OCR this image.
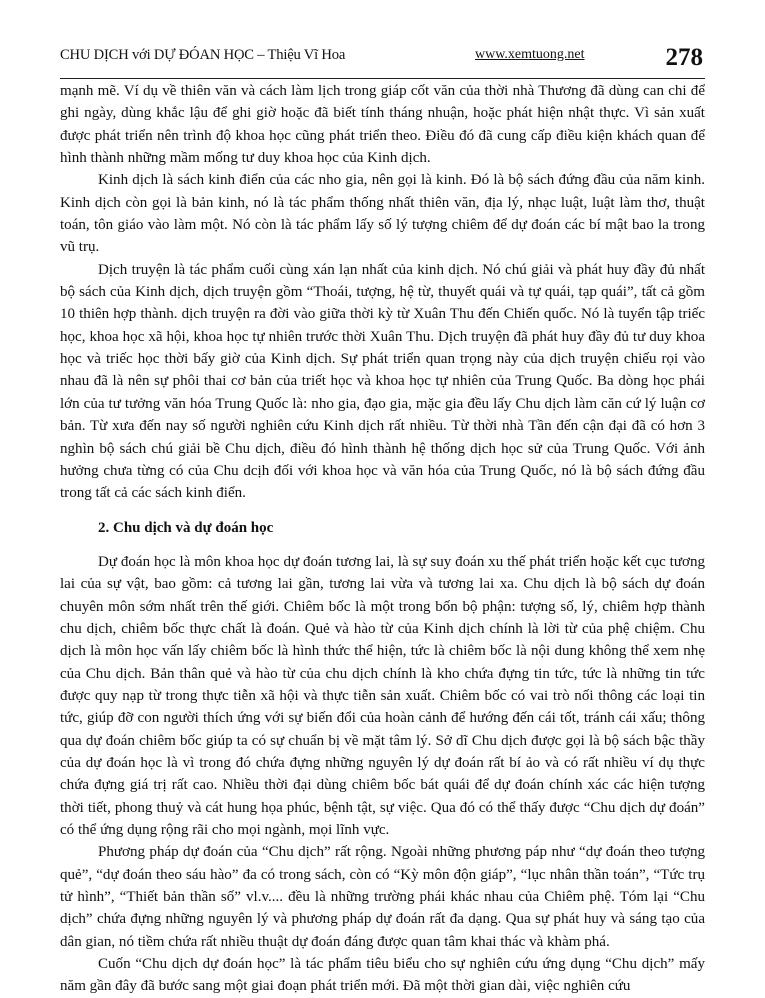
CHU DỊCH với DỰ ĐÓAN HỌC – Thiệu Vĩ Hoa	www.xemtuong.net	278

mạnh mẽ. Ví dụ về thiên văn và cách làm lịch trong giáp cốt văn của thời nhà Thương đã dùng can chi để ghi ngày, dùng khắc lậu để ghi giờ hoặc đã biết tính tháng nhuận, hoặc phát hiện nhật thực. Vì sản xuất được phát triển nên trình độ khoa học cũng phát triển theo. Điều đó đã cung cấp điều kiện khách quan để hình thành những mầm mống tư duy khoa học của Kinh dịch.

Kinh dịch là sách kinh điển của các nho gia, nên gọi là kinh. Đó là bộ sách đứng đầu của năm kinh. Kinh dịch còn gọi là bản kinh, nó là tác phẩm thống nhất thiên văn, địa lý, nhạc luật, luật làm thơ, thuật toán, tôn giáo vào làm một. Nó còn là tác phẩm lấy số lý tượng chiêm để dự đoán các bí mật bao la trong vũ trụ.

Dịch truyện là tác phẩm cuối cùng xán lạn nhất của kinh dịch. Nó chú giải và phát huy đầy đủ nhất bộ sách của Kinh dịch, dịch truyện gồm “Thoái, tượng, hệ từ, thuyết quái và tự quái, tạp quái”, tất cả gồm 10 thiên hợp thành. dịch truyện ra đời vào giữa thời kỳ từ Xuân Thu đến Chiến quốc. Nó là tuyển tập triếc học, khoa học xã hội, khoa học tự nhiên trước thời Xuân Thu. Dịch truyện đã phát huy đầy đủ tư duy khoa học và triếc học thời bấy giờ của Kinh dịch. Sự phát triển quan trọng này của dịch truyện chiếu rọi vào nhau đã là nên sự phôi thai cơ bản của triết học và khoa học tự nhiên của Trung Quốc. Ba dòng học phái lớn của tư tưởng văn hóa Trung Quốc là: nho gia, đạo gia, mặc gia đều lấy Chu dịch làm căn cứ lý luận cơ bản. Từ xưa đến nay số người nghiên cứu Kinh dịch rất nhiều. Từ thời nhà Tần đến cận đại đã có hơn 3 nghìn bộ sách chú giải bề Chu dịch, điều đó hình thành hệ thống dịch học sử của Trung Quốc. Với ảnh hưởng chưa từng có của Chu dcịh đối với khoa học và văn hóa của Trung Quốc, nó là bộ sách đứng đầu trong tất cả các sách kinh điển.

2. Chu dịch và dự đoán học

Dự đoán học là môn khoa học dự đoán tương lai, là sự suy đoán xu thế phát triển hoặc kết cục tương lai của sự vật, bao gồm: cả tương lai gần, tương lai vừa và tương lai xa. Chu dịch là bộ sách dự đoán chuyên môn sớm nhất trên thế giới. Chiêm bốc là một trong bốn bộ phận: tượng số, lý, chiêm hợp thành chu dịch, chiêm bốc thực chất là đoán. Quẻ và hào từ của Kinh dịch chính là lời từ của phệ chiệm. Chu dịch là môn học vấn lấy chiêm bốc là hình thức thể hiện, tức là chiêm bốc là nội dung không thể xem nhẹ của Chu dịch. Bản thân quẻ và hào từ của chu dịch chính là kho chứa đựng tin tức, tức là những tin tức được quy nạp từ trong thực tiễn xã hội và thực tiễn sản xuất. Chiêm bốc có vai trò nối thông các loại tin tức, giúp đỡ con người thích ứng với sự biến đổi của hoàn cảnh để hướng đến cái tốt, tránh cái xấu; thông qua dự đoán chiêm bốc giúp ta có sự chuẩn bị về mặt tâm lý. Sở dĩ Chu dịch được gọi là bộ sách bậc thầy của dự đoán học là vì trong đó chứa đựng những nguyên lý dự đoán rất bí ảo và có rất nhiều ví dụ thực chứa đựng giá trị rất cao. Nhiều thời đại dùng chiêm bốc bát quái để dự đoán chính xác các hiện tượng thời tiết, phong thuỷ và cát hung họa phúc, bệnh tật, sự việc. Qua đó có thể thấy được “Chu dịch dự đoán” có thể ứng dụng rộng rãi cho mọi ngành, mọi lĩnh vực.

Phương pháp dự đoán của “Chu dịch” rất rộng. Ngoài những phương páp như “dự đoán theo tượng quẻ”, “dự đoán theo sáu hào” đa có trong sách, còn có “Kỳ môn độn giáp”, “lục nhân thần toán”, “Tức trụ tử hình”, “Thiết bản thần số” vl.v.... đều là những trường phái khác nhau của Chiêm phệ. Tóm lại “Chu dịch” chứa đựng những nguyên lý và phương pháp dự đoán rất đa dạng. Qua sự phát huy và sáng tạo của dân gian, nó tiềm chứa rất nhiều thuật dự đoán đáng được quan tâm khai thác và khàm phá.

Cuốn “Chu dịch dự đoán học” là tác phẩm tiêu biểu cho sự nghiên cứu ứng dụng “Chu dịch” mấy năm gần đây đã bước sang một giai đoạn phát triển mới. Đã một thời gian dài, việc nghiên cứu
